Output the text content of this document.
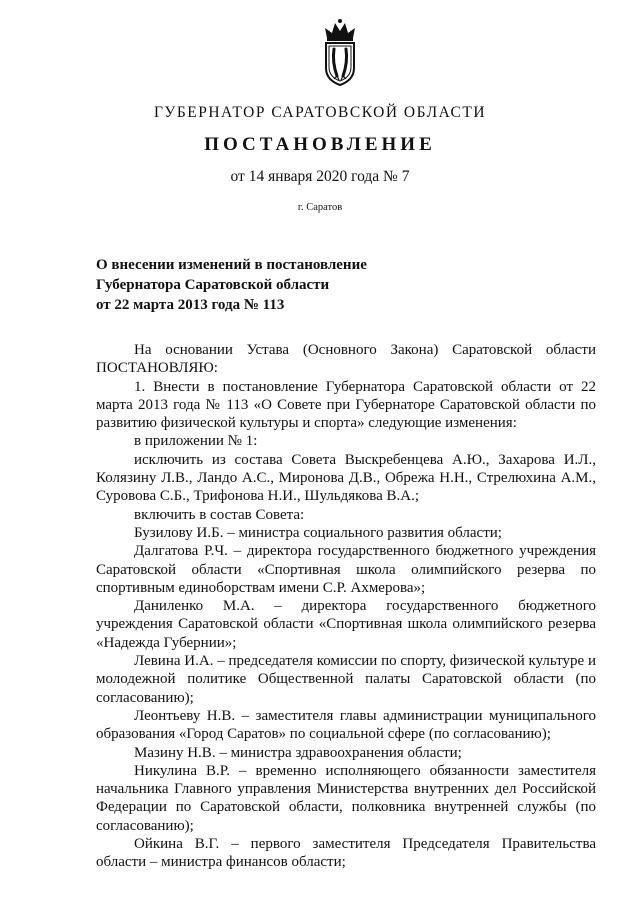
ГУБЕРНАТОР САРАТОВСКОЙ ОБЛАСТИ
ПОСТАНОВЛЕНИЕ
от 14 января 2020 года № 7
г. Саратов
О внесении изменений в постановление
Губернатора Саратовской области
от 22 марта 2013 года № 113

На основании Устава (Основного Закона) Саратовской области ПОСТАНОВЛЯЮ:

1. Внести в постановление Губернатора Саратовской области от 22 марта 2013 года № 113 «О Совете при Губернаторе Саратовской области по развитию физической культуры и спорта» следующие изменения:

в приложении № 1:

исключить из состава Совета Выскребенцева А.Ю., Захарова И.Л., Колязину Л.В., Ландо А.С., Миронова Д.В., Обрежа Н.Н., Стрелюхина А.М., Суровова С.Б., Трифонова Н.И., Шульдякова В.А.;

включить в состав Совета:

Бузилову И.Б. – министра социального развития области;

Далгатова Р.Ч. – директора государственного бюджетного учреждения Саратовской области «Спортивная школа олимпийского резерва по спортивным единоборствам имени С.Р. Ахмерова»;

Даниленко М.А. – директора государственного бюджетного учреждения Саратовской области «Спортивная школа олимпийского резерва «Надежда Губернии»;

Левина И.А. – председателя комиссии по спорту, физической культуре и молодежной политике Общественной палаты Саратовской области (по согласованию);

Леонтьеву Н.В. – заместителя главы администрации муниципального образования «Город Саратов» по социальной сфере (по согласованию);

Мазину Н.В. – министра здравоохранения области;

Никулина В.Р. – временно исполняющего обязанности заместителя начальника Главного управления Министерства внутренних дел Российской Федерации по Саратовской области, полковника внутренней службы (по согласованию);

Ойкина В.Г. – первого заместителя Председателя Правительства области – министра финансов области;
